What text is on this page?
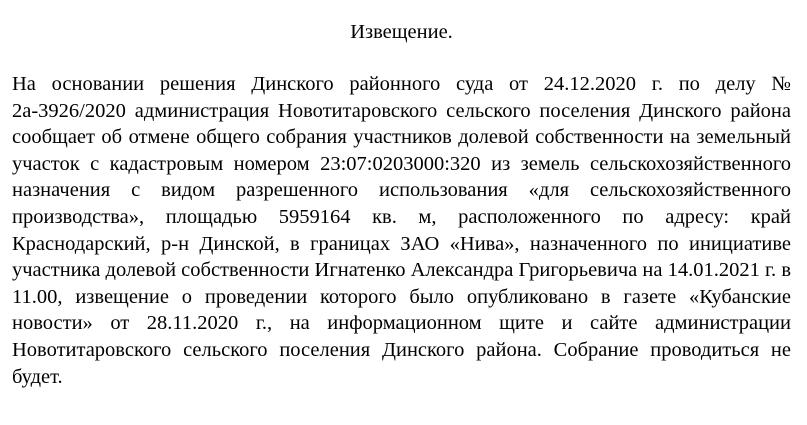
Извещение.

На основании решения Динского районного суда от 24.12.2020 г. по делу № 2а-3926/2020 администрация Новотитаровского сельского поселения Динского района сообщает об отмене общего собрания участников долевой собственности на земельный участок с кадастровым номером 23:07:0203000:320 из земель сельскохозяйственного назначения с видом разрешенного использования «для сельскохозяйственного производства», площадью 5959164 кв. м, расположенного по адресу: край Краснодарский, р-н Динской, в границах ЗАО «Нива», назначенного по инициативе участника долевой собственности Игнатенко Александра Григорьевича на 14.01.2021 г. в 11.00, извещение о проведении которого было опубликовано в газете «Кубанские новости» от 28.11.2020 г., на информационном щите и сайте администрации Новотитаровского сельского поселения Динского района. Собрание проводиться не будет.
